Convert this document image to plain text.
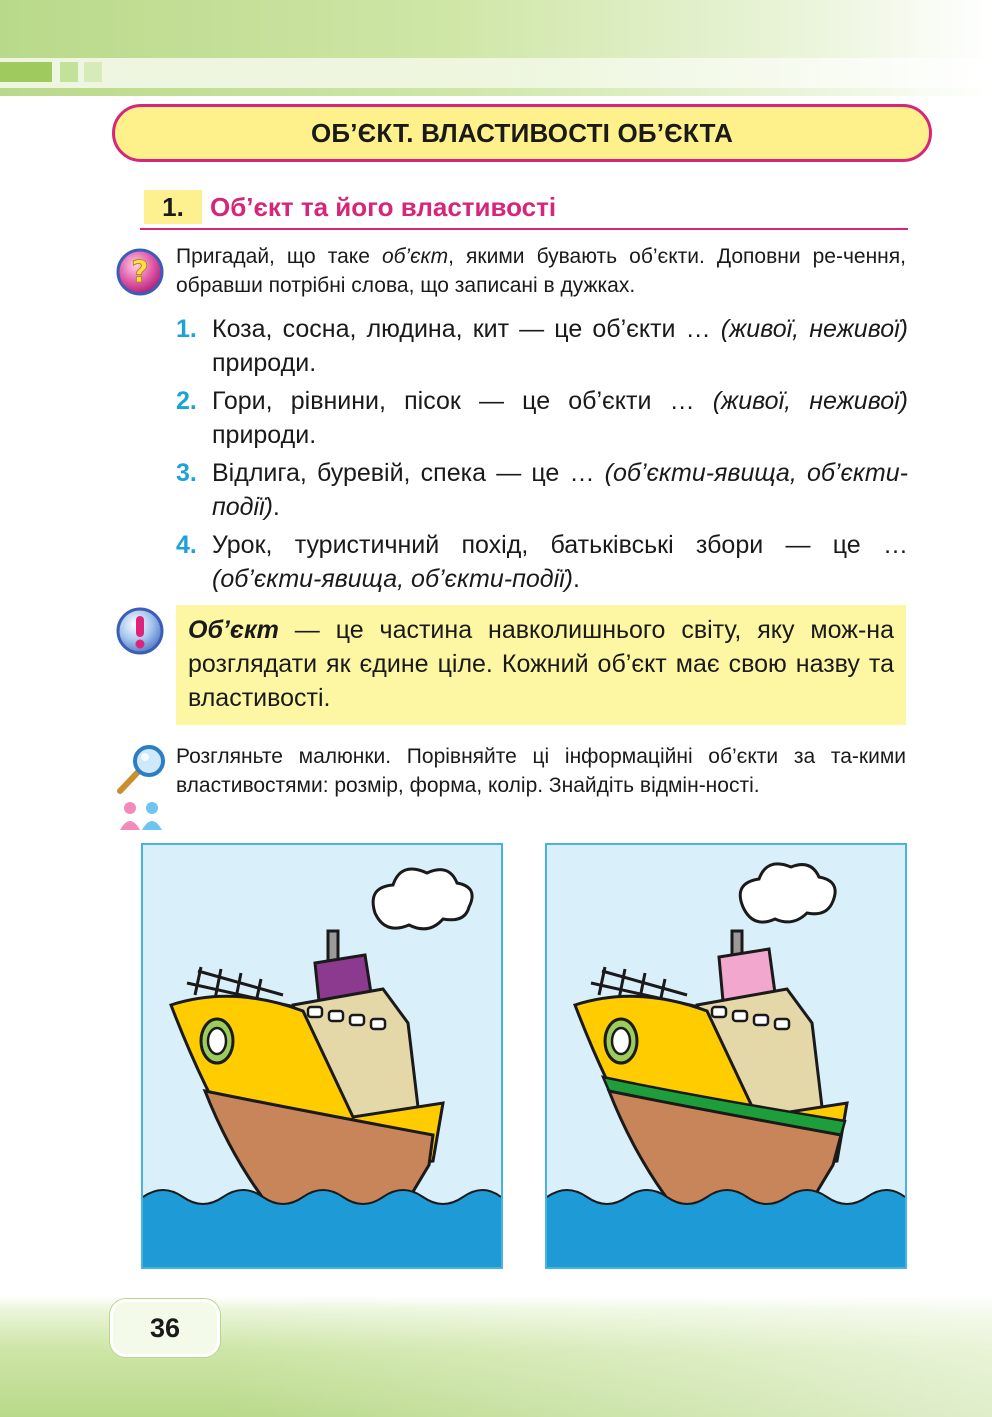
ОБ’ЄКТ. ВЛАСТИВОСТІ ОБ’ЄКТА
1.	Об’єкт та його властивості
? Пригадай, що таке об’єкт, якими бувають об’єкти. Доповни ре-чення, обравши потрібні слова, що записані в дужках.
1. Коза, сосна, людина, кит — це об’єкти … (живої, неживої) природи.
2. Гори, рівнини, пісок — це об’єкти … (живої, неживої) природи.
3. Відлига, буревій, спека — це … (об’єкти-явища, об’єкти-події).
4. Урок, туристичний похід, батьківські збори — це … (об’єкти-явища, об’єкти-події).
Об’єкт — це частина навколишнього світу, яку мож-на розглядати як єдине ціле. Кожний об’єкт має свою назву та властивості.
Розгляньте малюнки. Порівняйте ці інформаційні об’єкти за та-кими властивостями: розмір, форма, колір. Знайдіть відмін-ності.
36
